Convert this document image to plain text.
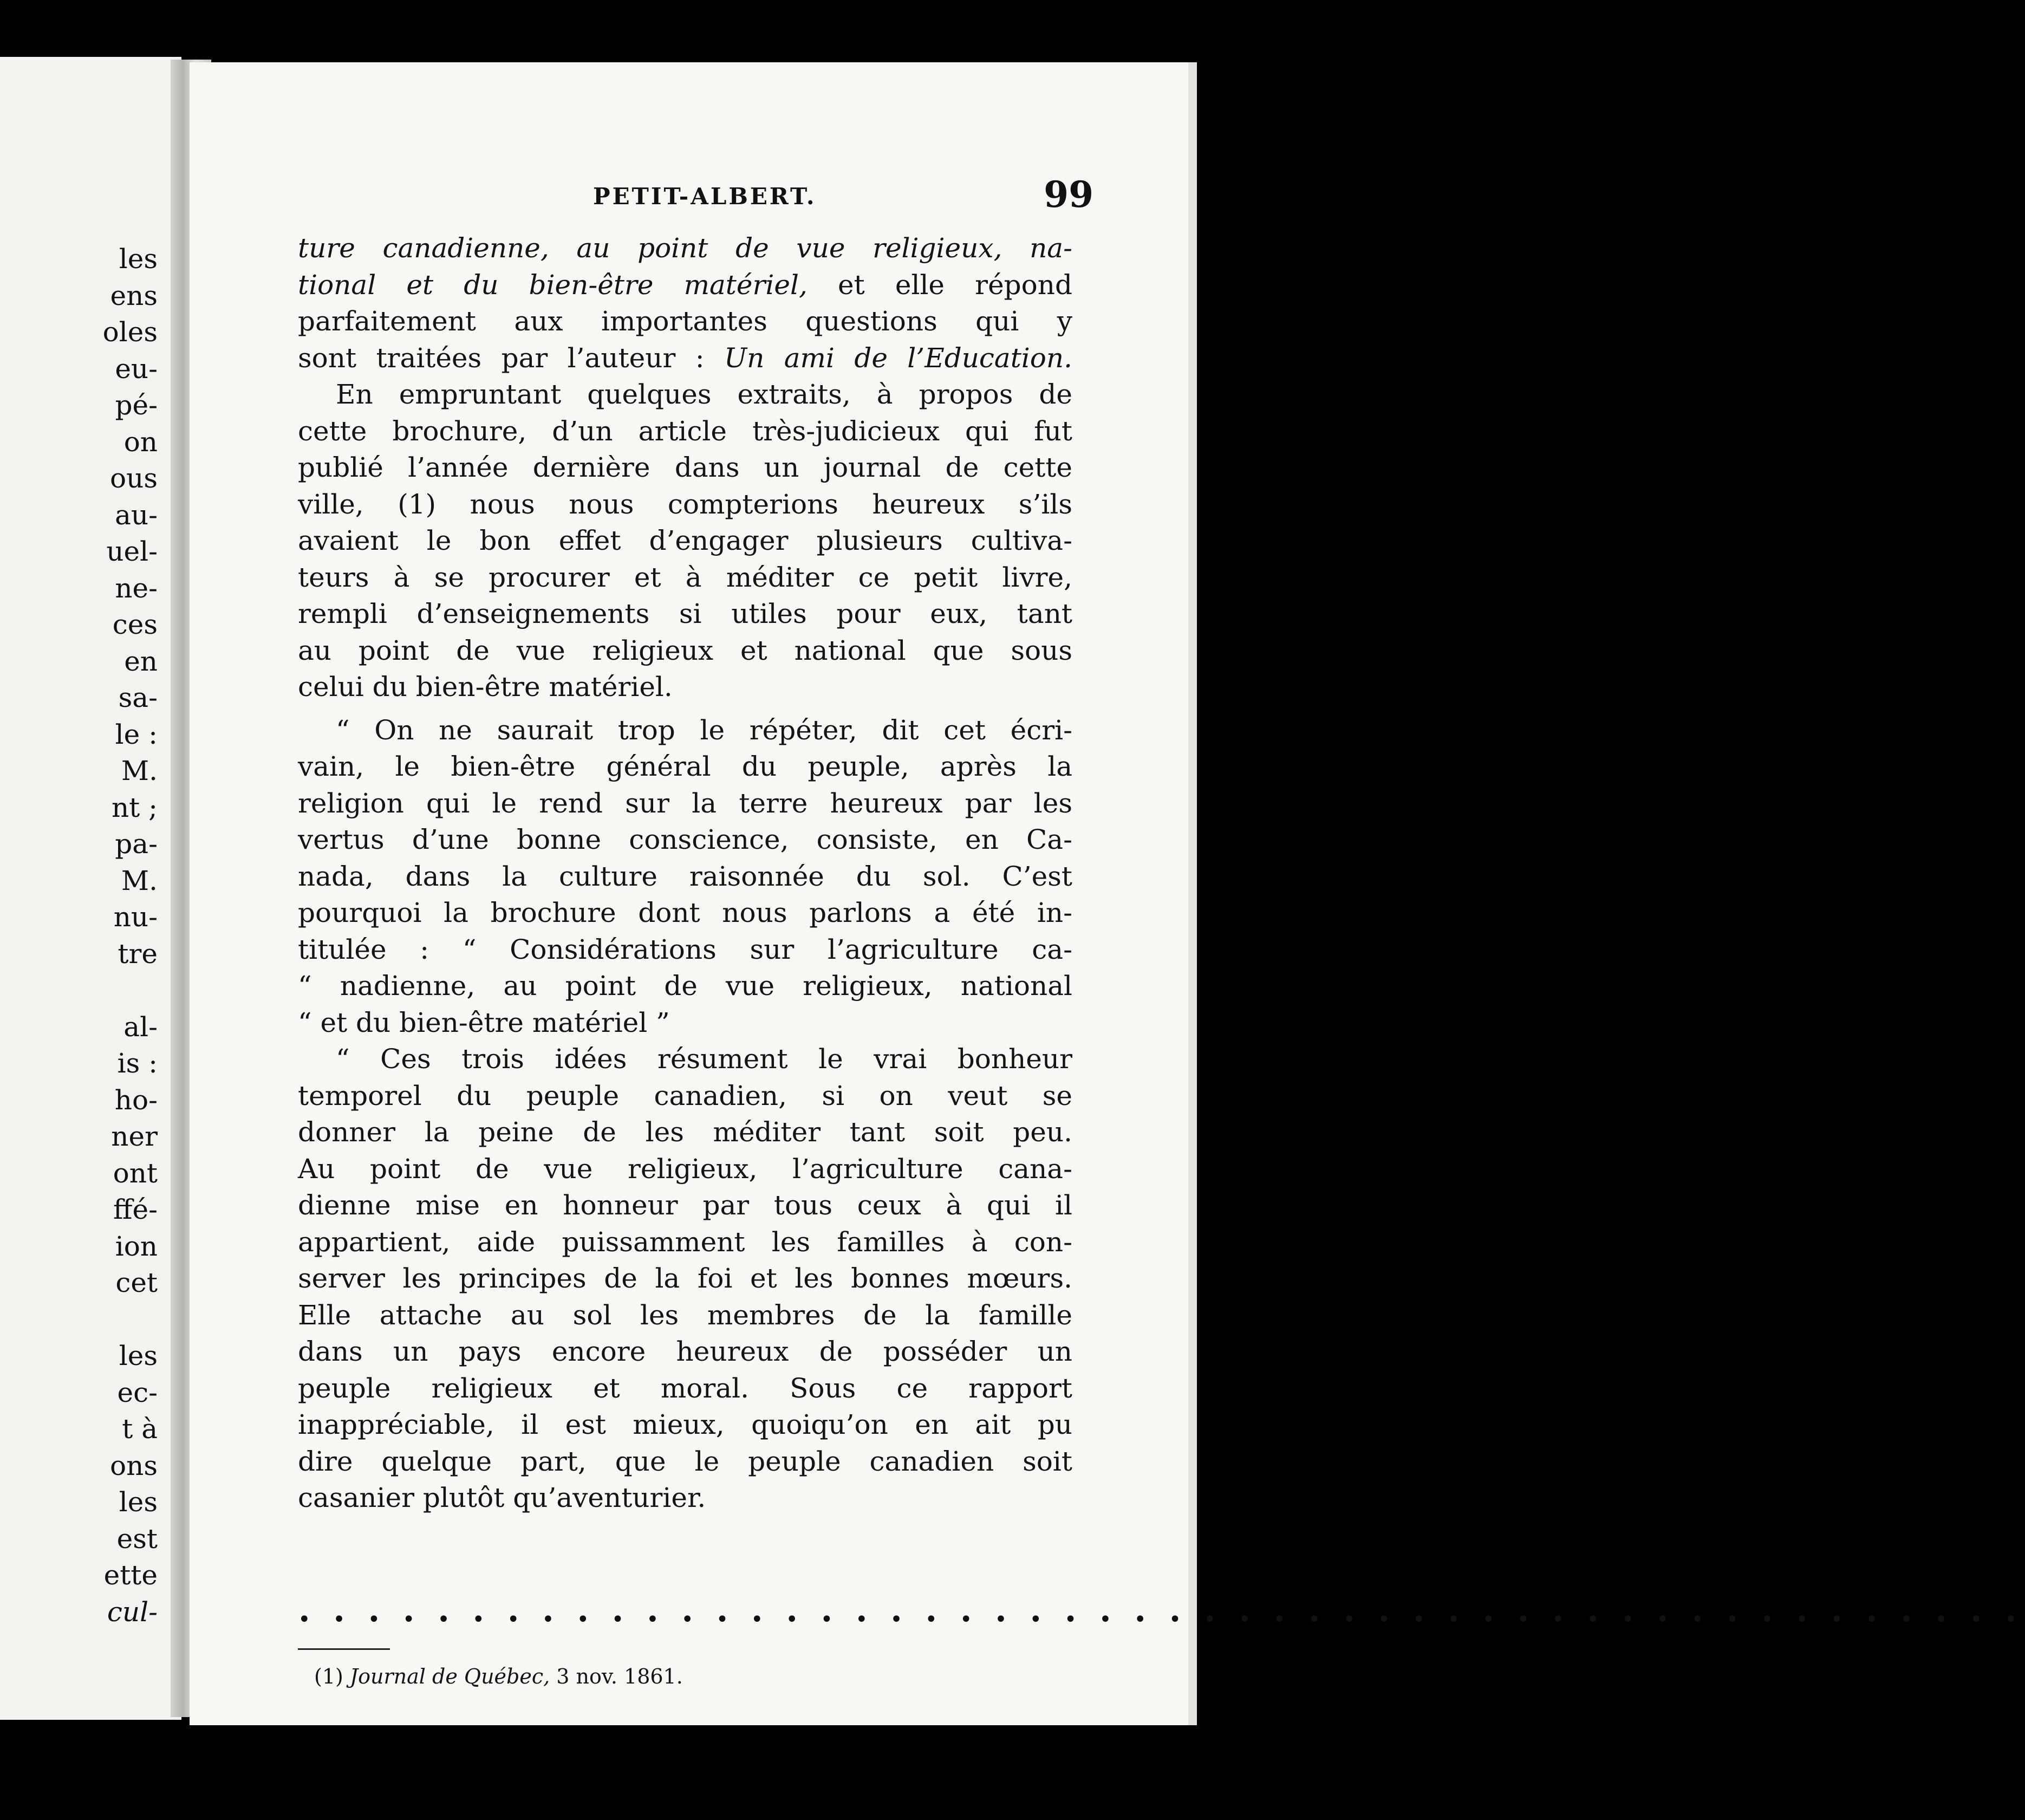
les
ens
oles
eu-
pé-
on
ous
au-
uel-
ne-
ces
en
sa-
le :
M.
nt ;
pa-
M.
nu-
tre
al-
is :
ho-
ner
ont
ffé-
ion
cet
les
ec-
t à
ons
les
est
ette
cul-
PETIT-ALBERT.	99
ture canadienne, au point de vue religieux, na-
tional et du bien-être matériel, et elle répond
parfaitement aux importantes questions qui y
sont traitées par l’auteur : Un ami de l’Education.
En empruntant quelques extraits, à propos de
cette brochure, d’un article très-judicieux qui fut
publié l’année dernière dans un journal de cette
ville, (1) nous nous compterions heureux s’ils
avaient le bon effet d’engager plusieurs cultiva-
teurs à se procurer et à méditer ce petit livre,
rempli d’enseignements si utiles pour eux, tant
au point de vue religieux et national que sous
celui du bien-être matériel.
“ On ne saurait trop le répéter, dit cet écri-
vain, le bien-être général du peuple, après la
religion qui le rend sur la terre heureux par les
vertus d’une bonne conscience, consiste, en Ca-
nada, dans la culture raisonnée du sol. C’est
pourquoi la brochure dont nous parlons a été in-
titulée : “ Considérations sur l’agriculture ca-
“ nadienne, au point de vue religieux, national
“ et du bien-être matériel ”
“ Ces trois idées résument le vrai bonheur
temporel du peuple canadien, si on veut se
donner la peine de les méditer tant soit peu.
Au point de vue religieux, l’agriculture cana-
dienne mise en honneur par tous ceux à qui il
appartient, aide puissamment les familles à con-
server les principes de la foi et les bonnes mœurs.
Elle attache au sol les membres de la famille
dans un pays encore heureux de posséder un
peuple religieux et moral. Sous ce rapport
inappréciable, il est mieux, quoiqu’on en ait pu
dire quelque part, que le peuple canadien soit
casanier plutôt qu’aventurier.
• • • • • • • • • • • • • • • • • • • • • • • • • • • • • • • • • • • • • • • • • • • • • • • • • •
(1) Journal de Québec, 3 nov. 1861.
